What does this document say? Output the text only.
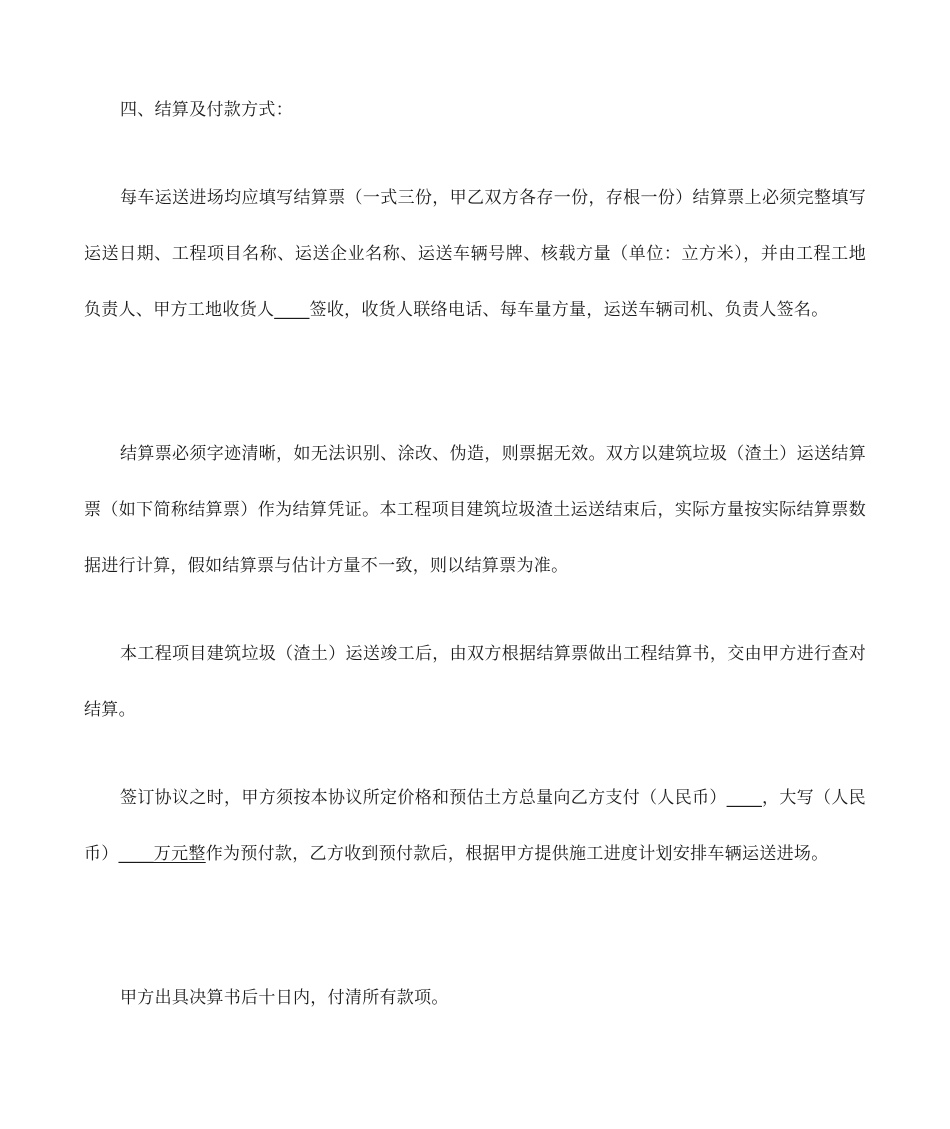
四、结算及付款方式：

每车运送进场均应填写结算票（一式三份，甲乙双方各存一份，存根一份）结算票上必须完整填写运送日期、工程项目名称、运送企业名称、运送车辆号牌、核载方量（单位：立方米），并由工程工地负责人、甲方工地收货人____签收，收货人联络电话、每车量方量，运送车辆司机、负责人签名。

结算票必须字迹清晰，如无法识别、涂改、伪造，则票据无效。双方以建筑垃圾（渣土）运送结算票（如下简称结算票）作为结算凭证。本工程项目建筑垃圾渣土运送结束后，实际方量按实际结算票数据进行计算，假如结算票与估计方量不一致，则以结算票为准。

本工程项目建筑垃圾（渣土）运送竣工后，由双方根据结算票做出工程结算书，交由甲方进行查对结算。

签订协议之时，甲方须按本协议所定价格和预估土方总量向乙方支付（人民币）____，大写（人民币）____万元整作为预付款，乙方收到预付款后，根据甲方提供施工进度计划安排车辆运送进场。

甲方出具决算书后十日内，付清所有款项。
